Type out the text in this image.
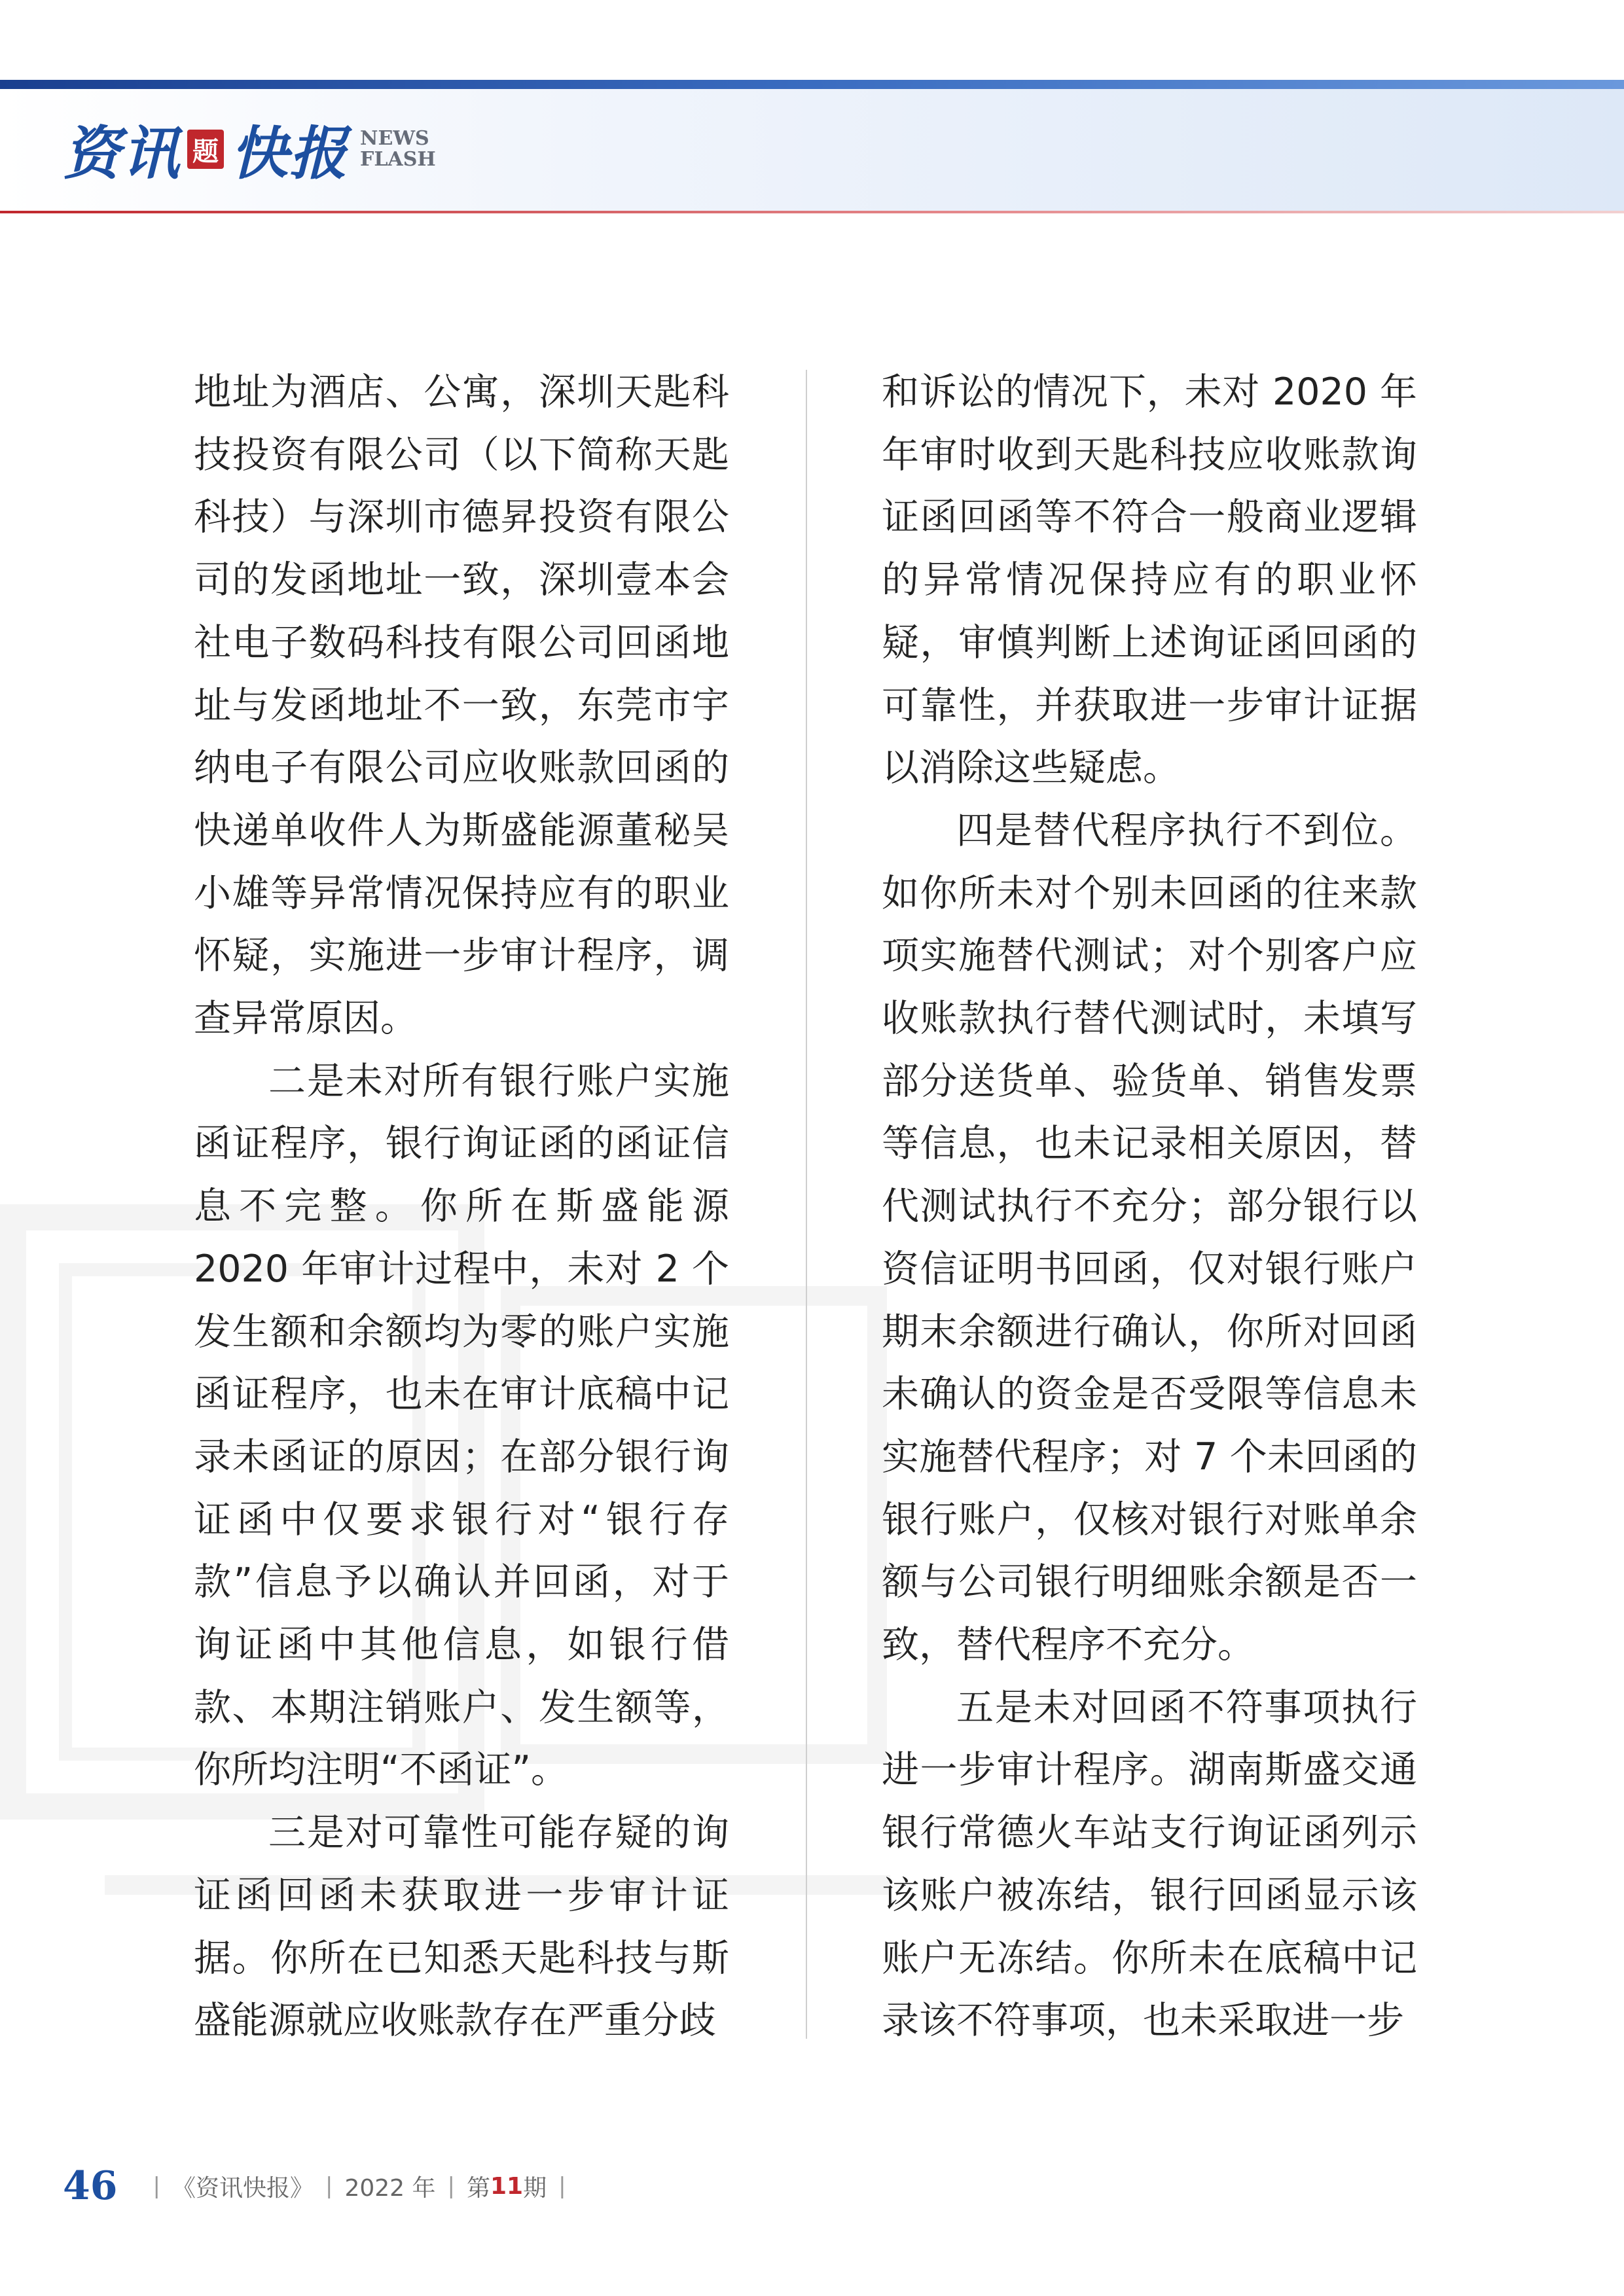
资讯 题 快报 NEWS
FLASH

地址为酒店、公寓，深圳天匙科技投资有限公司（以下简称天匙科技）与深圳市德昇投资有限公司的发函地址一致，深圳壹本会社电子数码科技有限公司回函地址与发函地址不一致，东莞市宇纳电子有限公司应收账款回函的快递单收件人为斯盛能源董秘吴小雄等异常情况保持应有的职业怀疑，实施进一步审计程序，调查异常原因。

二是未对所有银行账户实施函证程序，银行询证函的函证信息不完整。你所在斯盛能源 2020 年审计过程中，未对 2 个发生额和余额均为零的账户实施函证程序，也未在审计底稿中记录未函证的原因；在部分银行询证函中仅要求银行对“银行存款”信息予以确认并回函，对于询证函中其他信息，如银行借款、本期注销账户、发生额等，你所均注明“不函证”。

三是对可靠性可能存疑的询证函回函未获取进一步审计证据。你所在已知悉天匙科技与斯盛能源就应收账款存在严重分歧

和诉讼的情况下，未对 2020 年年审时收到天匙科技应收账款询证函回函等不符合一般商业逻辑的异常情况保持应有的职业怀疑，审慎判断上述询证函回函的可靠性，并获取进一步审计证据以消除这些疑虑。

四是替代程序执行不到位。如你所未对个别未回函的往来款项实施替代测试；对个别客户应收账款执行替代测试时，未填写部分送货单、验货单、销售发票等信息，也未记录相关原因，替代测试执行不充分；部分银行以资信证明书回函，仅对银行账户期末余额进行确认，你所对回函未确认的资金是否受限等信息未实施替代程序；对 7 个未回函的银行账户，仅核对银行对账单余额与公司银行明细账余额是否一致，替代程序不充分。

五是未对回函不符事项执行进一步审计程序。湖南斯盛交通银行常德火车站支行询证函列示该账户被冻结，银行回函显示该账户无冻结。你所未在底稿中记录该不符事项，也未采取进一步

46 | 《资讯快报》 | 2022 年 | 第 11 期 |
